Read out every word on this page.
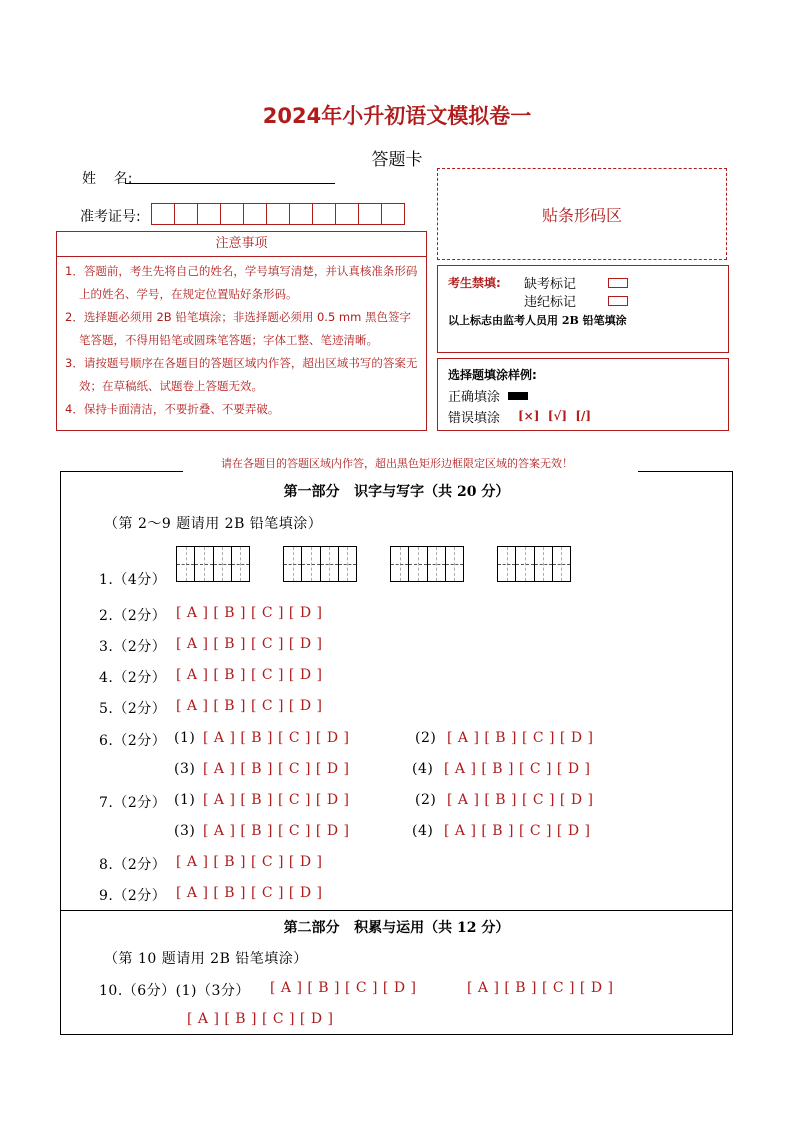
2024年小升初语文模拟卷一
答题卡
姓    名:
准考证号:	贴条形码区
注意事项
1．答题前，考生先将自己的姓名，学号填写清楚，并认真核准条形码上的姓名、学号，在规定位置贴好条形码。
2．选择题必须用 2B 铅笔填涂；非选择题必须用 0.5 mm 黑色签字笔答题，不得用铅笔或圆珠笔答题；字体工整、笔迹清晰。
3．请按题号顺序在各题目的答题区域内作答，超出区域书写的答案无效；在草稿纸、试题卷上答题无效。
4．保持卡面清洁，不要折叠、不要弄破。
考生禁填: 缺考标记
违纪标记
以上标志由监考人员用 2B 铅笔填涂
选择题填涂样例:
正确填涂
错误填涂 [×]  [√]  [/]
请在各题目的答题区域内作答，超出黑色矩形边框限定区域的答案无效！
第一部分   识字与写字（共 20 分）
（第 2～9 题请用 2B 铅笔填涂）
1.（4分）
2.（2分） [ A ] [ B ] [ C ] [ D ]
3.（2分） [ A ] [ B ] [ C ] [ D ]
4.（2分） [ A ] [ B ] [ C ] [ D ]
5.（2分） [ A ] [ B ] [ C ] [ D ]
6.（2分） (1) [ A ] [ B ] [ C ] [ D ]	(2) [ A ] [ B ] [ C ] [ D ]
(3) [ A ] [ B ] [ C ] [ D ]	(4) [ A ] [ B ] [ C ] [ D ]
7.（2分） (1) [ A ] [ B ] [ C ] [ D ]	(2) [ A ] [ B ] [ C ] [ D ]
(3) [ A ] [ B ] [ C ] [ D ]	(4) [ A ] [ B ] [ C ] [ D ]
8.（2分） [ A ] [ B ] [ C ] [ D ]
9.（2分） [ A ] [ B ] [ C ] [ D ]
第二部分   积累与运用（共 12 分）
（第 10 题请用 2B 铅笔填涂）
10.（6分）(1)（3分） [ A ] [ B ] [ C ] [ D ]	[ A ] [ B ] [ C ] [ D ]
[ A ] [ B ] [ C ] [ D ]
